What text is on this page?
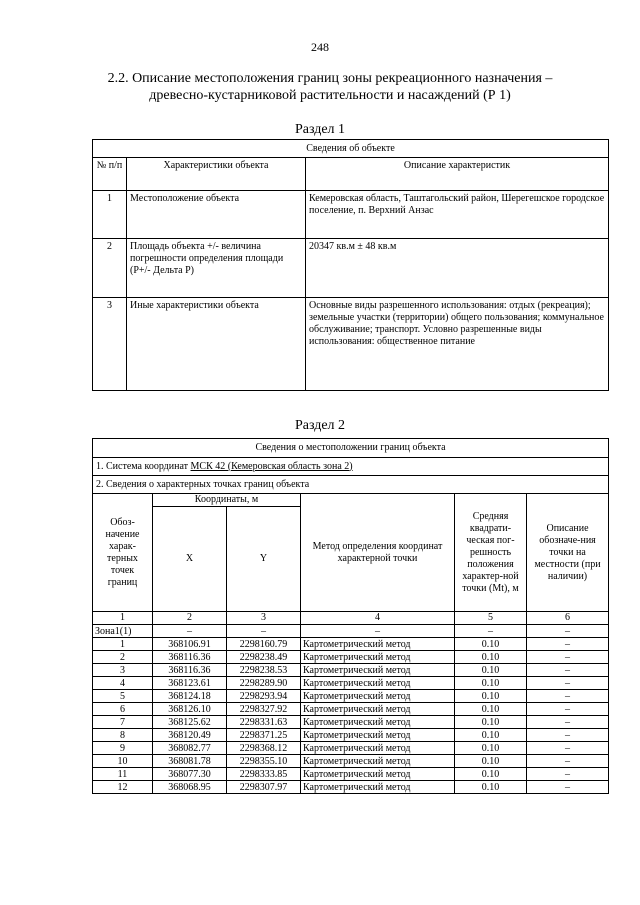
248
2.2. Описание местоположения границ зоны рекреационного назначения –
древесно-кустарниковой растительности и насаждений (Р 1)
Раздел 1
Сведения об объекте		
№ п/п	Характеристики объекта	Описание характеристик
1	Местоположение объекта	Кемеровская область, Таштагольский район, Шерегешское городское поселение, п. Верхний Анзас
2	Площадь объекта +/- величина погрешности определения площади (P+/- Дельта P)	20347 кв.м ± 48 кв.м
3	Иные характеристики объекта	Основные виды разрешенного использования: отдых (рекреация); земельные участки (территории) общего пользования; коммунальное обслуживание; транспорт. Условно разрешенные виды использования: общественное питание
Раздел 2
Сведения о местоположении границ объекта					
1. Система координат МСК 42 (Кемеровская область зона 2)					
2. Сведения о характерных точках границ объекта					
Обоз-начение харак-терных точек границ	Координаты, м		Метод определения координат характерной точки	Средняя квадрати-ческая пог-решность положения характер-ной точки (Mt), м	Описание обозначе-ния точки на местности (при наличии)
	X	Y			
1	2	3	4	5	6
Зона1(1)	–	–	–	–	–
1	368106.91	2298160.79	Картометрический метод	0.10	–
2	368116.36	2298238.49	Картометрический метод	0.10	–
3	368116.36	2298238.53	Картометрический метод	0.10	–
4	368123.61	2298289.90	Картометрический метод	0.10	–
5	368124.18	2298293.94	Картометрический метод	0.10	–
6	368126.10	2298327.92	Картометрический метод	0.10	–
7	368125.62	2298331.63	Картометрический метод	0.10	–
8	368120.49	2298371.25	Картометрический метод	0.10	–
9	368082.77	2298368.12	Картометрический метод	0.10	–
10	368081.78	2298355.10	Картометрический метод	0.10	–
11	368077.30	2298333.85	Картометрический метод	0.10	–
12	368068.95	2298307.97	Картометрический метод	0.10	–
